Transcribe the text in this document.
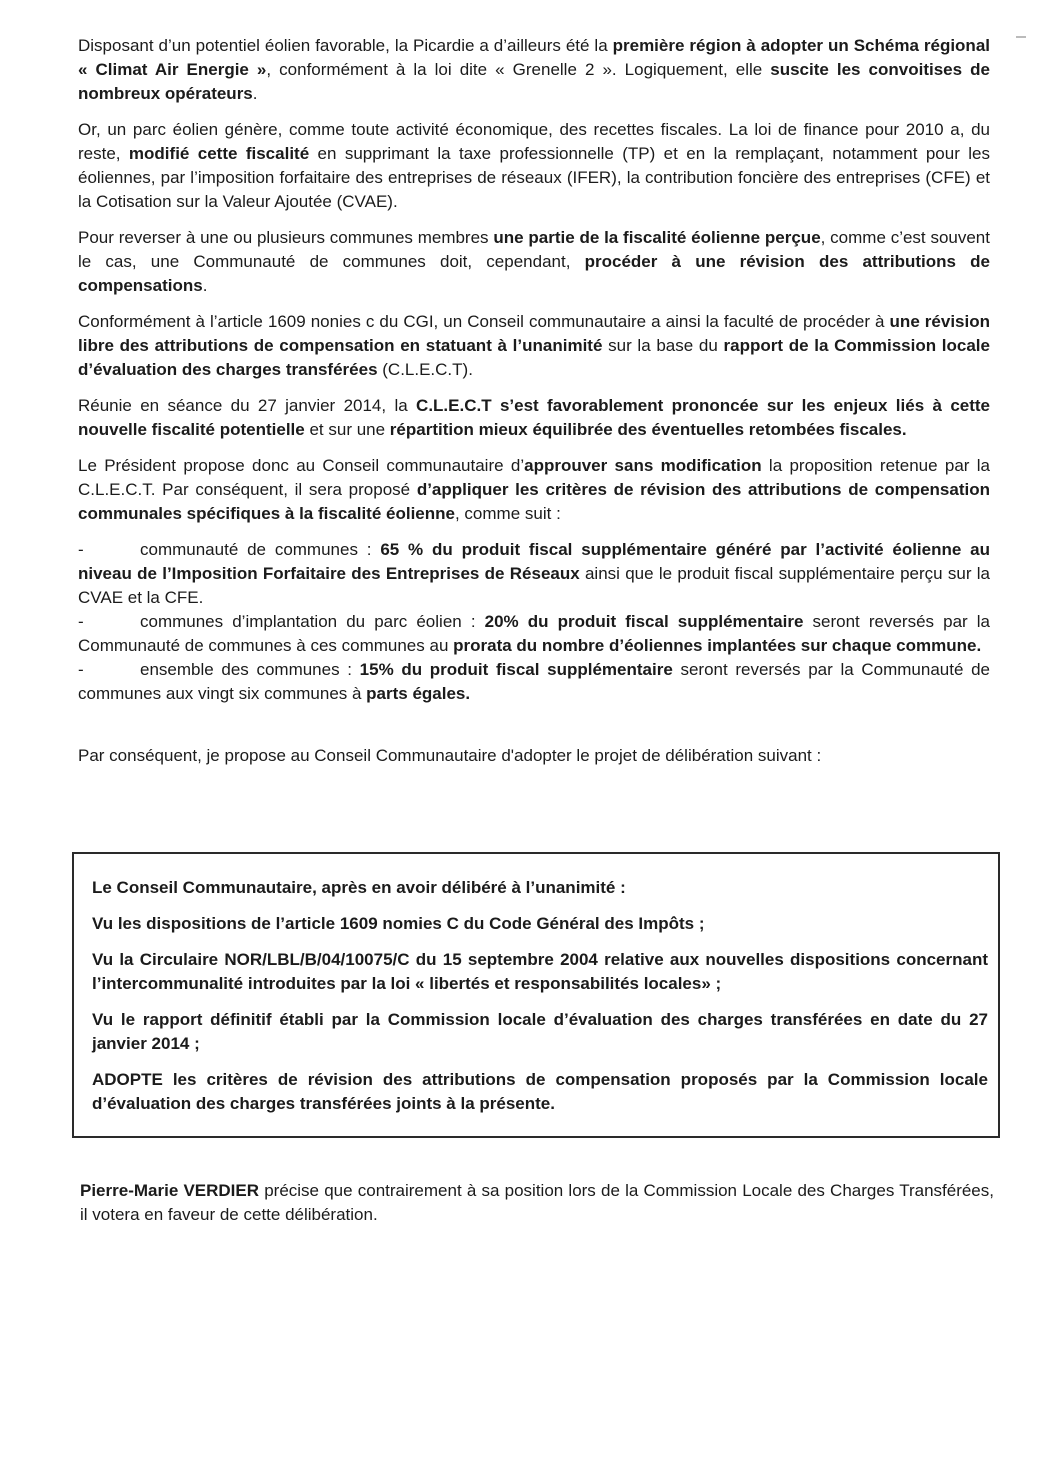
Disposant d’un potentiel éolien favorable, la Picardie a d’ailleurs été la première région à adopter un Schéma régional « Climat Air Energie », conformément à la loi dite « Grenelle 2 ». Logiquement, elle suscite les convoitises de nombreux opérateurs.

Or, un parc éolien génère, comme toute activité économique, des recettes fiscales. La loi de finance pour 2010 a, du reste, modifié cette fiscalité en supprimant la taxe professionnelle (TP) et en la remplaçant, notamment pour les éoliennes, par l’imposition forfaitaire des entreprises de réseaux (IFER), la contribution foncière des entreprises (CFE) et la Cotisation sur la Valeur Ajoutée (CVAE).

Pour reverser à une ou plusieurs communes membres une partie de la fiscalité éolienne perçue, comme c’est souvent le cas, une Communauté de communes doit, cependant, procéder à une révision des attributions de compensations.

Conformément à l’article 1609 nonies c du CGI, un Conseil communautaire a ainsi la faculté de procéder à une révision libre des attributions de compensation en statuant à l’unanimité sur la base du rapport de la Commission locale d’évaluation des charges transférées (C.L.E.C.T).

Réunie en séance du 27 janvier 2014, la C.L.E.C.T s’est favorablement prononcée sur les enjeux liés à cette nouvelle fiscalité potentielle et sur une répartition mieux équilibrée des éventuelles retombées fiscales.

Le Président propose donc au Conseil communautaire d’approuver sans modification la proposition retenue par la C.L.E.C.T. Par conséquent, il sera proposé d’appliquer les critères de révision des attributions de compensation communales spécifiques à la fiscalité éolienne, comme suit :

-	communauté de communes : 65 % du produit fiscal supplémentaire généré par l’activité éolienne au niveau de l’Imposition Forfaitaire des Entreprises de Réseaux ainsi que le produit fiscal supplémentaire perçu sur la CVAE et la CFE.

-	communes d’implantation du parc éolien : 20% du produit fiscal supplémentaire seront reversés par la Communauté de communes à ces communes au prorata du nombre d’éoliennes implantées sur chaque commune.

-	ensemble des communes : 15% du produit fiscal supplémentaire seront reversés par la Communauté de communes aux vingt six communes à parts égales.

Par conséquent, je propose au Conseil Communautaire d'adopter le projet de délibération suivant :

Le Conseil Communautaire, après en avoir délibéré à l’unanimité :

Vu les dispositions de l’article 1609 nomies C du Code Général des Impôts ;

Vu la Circulaire NOR/LBL/B/04/10075/C du 15 septembre 2004 relative aux nouvelles dispositions concernant l’intercommunalité introduites par la loi « libertés et responsabilités locales» ;

Vu le rapport définitif établi par la Commission locale d’évaluation des charges transférées en date du 27 janvier 2014 ;

ADOPTE les critères de révision des attributions de compensation proposés par la Commission locale d’évaluation des charges transférées joints à la présente.

Pierre-Marie VERDIER précise que contrairement à sa position lors de la Commission Locale des Charges Transférées, il votera en faveur de cette délibération.
